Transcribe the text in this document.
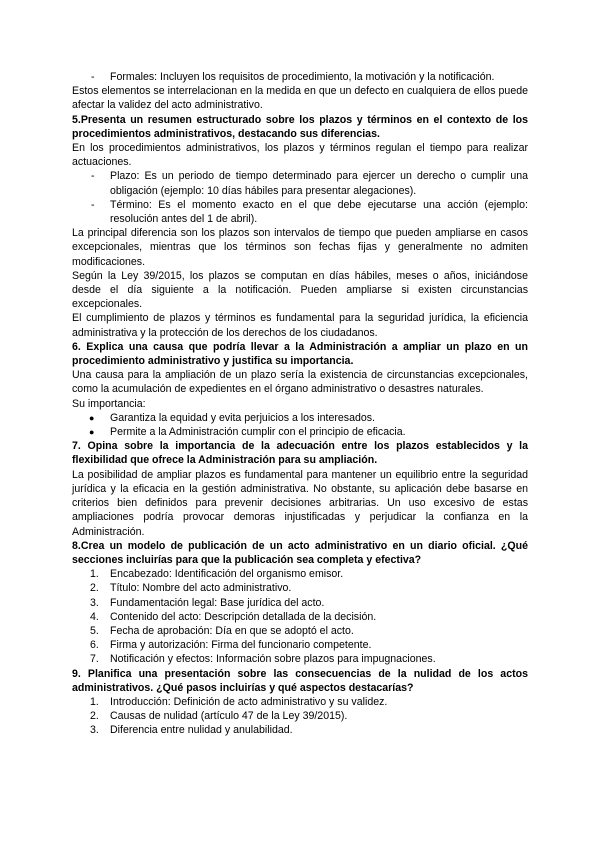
- Formales: Incluyen los requisitos de procedimiento, la motivación y la notificación.

Estos elementos se interrelacionan en la medida en que un defecto en cualquiera de ellos puede afectar la validez del acto administrativo.

5.Presenta un resumen estructurado sobre los plazos y términos en el contexto de los procedimientos administrativos, destacando sus diferencias.

En los procedimientos administrativos, los plazos y términos regulan el tiempo para realizar actuaciones.

- Plazo: Es un periodo de tiempo determinado para ejercer un derecho o cumplir una obligación (ejemplo: 10 días hábiles para presentar alegaciones).
- Término: Es el momento exacto en el que debe ejecutarse una acción (ejemplo: resolución antes del 1 de abril).

La principal diferencia son los plazos son intervalos de tiempo que pueden ampliarse en casos excepcionales, mientras que los términos son fechas fijas y generalmente no admiten modificaciones.

Según la Ley 39/2015, los plazos se computan en días hábiles, meses o años, iniciándose desde el día siguiente a la notificación. Pueden ampliarse si existen circunstancias excepcionales.

El cumplimiento de plazos y términos es fundamental para la seguridad jurídica, la eficiencia administrativa y la protección de los derechos de los ciudadanos.

6. Explica una causa que podría llevar a la Administración a ampliar un plazo en un procedimiento administrativo y justifica su importancia.

Una causa para la ampliación de un plazo sería la existencia de circunstancias excepcionales, como la acumulación de expedientes en el órgano administrativo o desastres naturales.

Su importancia:

● Garantiza la equidad y evita perjuicios a los interesados.
● Permite a la Administración cumplir con el principio de eficacia.

7. Opina sobre la importancia de la adecuación entre los plazos establecidos y la flexibilidad que ofrece la Administración para su ampliación.

La posibilidad de ampliar plazos es fundamental para mantener un equilibrio entre la seguridad jurídica y la eficacia en la gestión administrativa. No obstante, su aplicación debe basarse en criterios bien definidos para prevenir decisiones arbitrarias. Un uso excesivo de estas ampliaciones podría provocar demoras injustificadas y perjudicar la confianza en la Administración.

8.Crea un modelo de publicación de un acto administrativo en un diario oficial. ¿Qué secciones incluirías para que la publicación sea completa y efectiva?

1. Encabezado: Identificación del organismo emisor.
2. Título: Nombre del acto administrativo.
3. Fundamentación legal: Base jurídica del acto.
4. Contenido del acto: Descripción detallada de la decisión.
5. Fecha de aprobación: Día en que se adoptó el acto.
6. Firma y autorización: Firma del funcionario competente.
7. Notificación y efectos: Información sobre plazos para impugnaciones.

9. Planifica una presentación sobre las consecuencias de la nulidad de los actos administrativos. ¿Qué pasos incluirías y qué aspectos destacarías?

1. Introducción: Definición de acto administrativo y su validez.
2. Causas de nulidad (artículo 47 de la Ley 39/2015).
3. Diferencia entre nulidad y anulabilidad.
